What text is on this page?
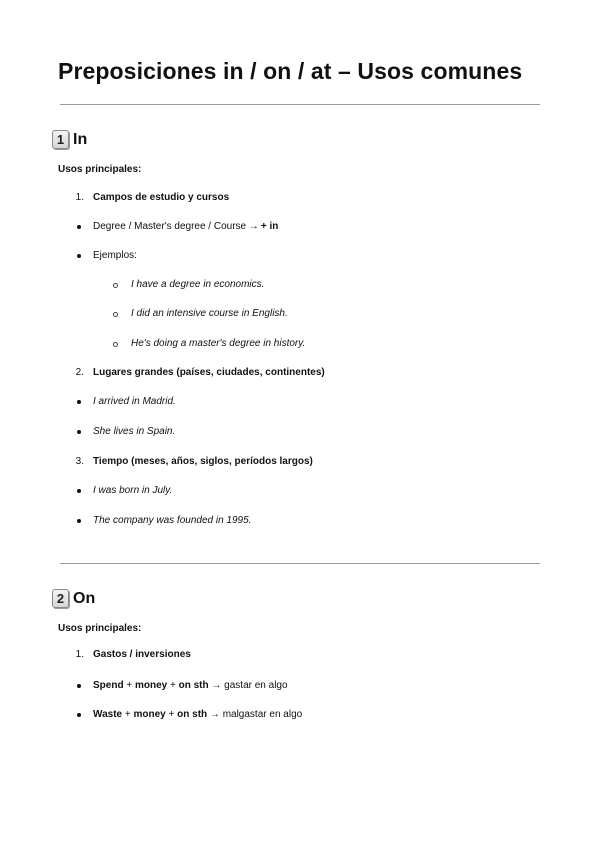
Preposiciones in / on / at – Usos comunes
1 In
Usos principales:
1. Campos de estudio y cursos
Degree / Master's degree / Course → + in
Ejemplos:
I have a degree in economics.
I did an intensive course in English.
He's doing a master's degree in history.
2. Lugares grandes (países, ciudades, continentes)
I arrived in Madrid.
She lives in Spain.
3. Tiempo (meses, años, siglos, períodos largos)
I was born in July.
The company was founded in 1995.
2 On
Usos principales:
1. Gastos / inversiones
Spend + money + on sth → gastar en algo
Waste + money + on sth → malgastar en algo
